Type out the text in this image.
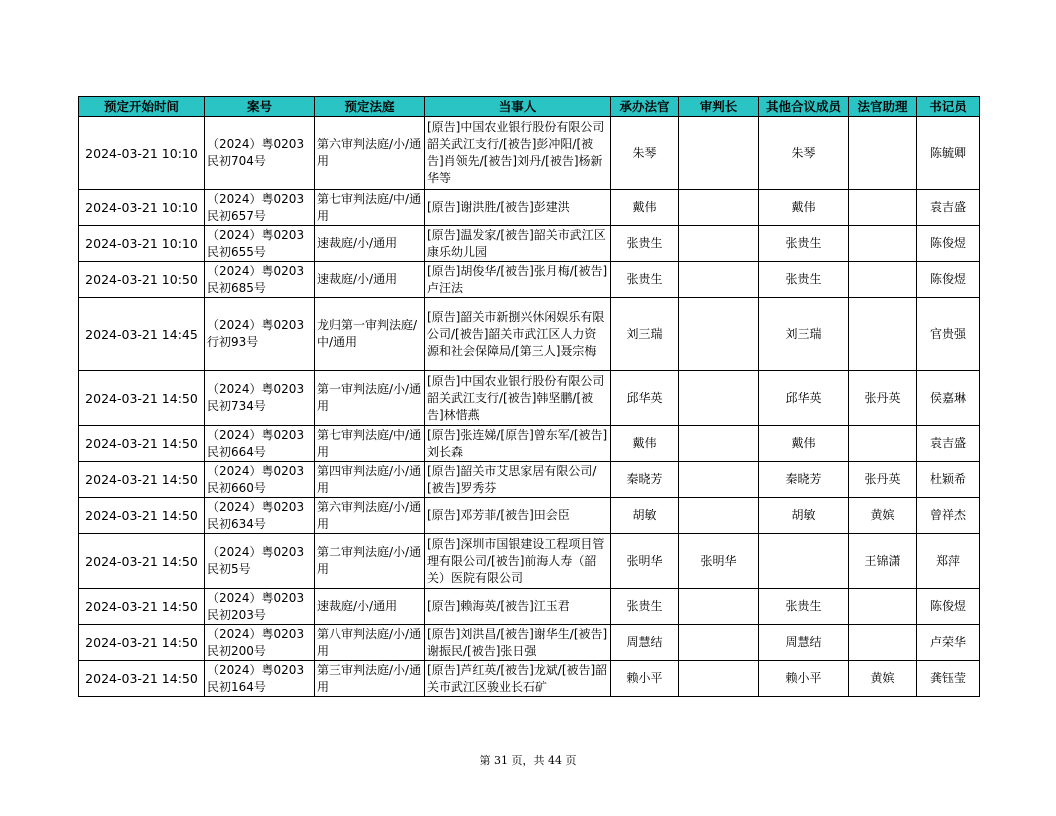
预定开始时间	案号	预定法庭	当事人	承办法官	审判长	其他合议成员	法官助理	书记员
2024-03-21 10:10	（2024）粤0203民初704号	第六审判法庭/小/通用	[原告]中国农业银行股份有限公司韶关武江支行/[被告]彭冲阳/[被告]肖领先/[被告]刘丹/[被告]杨新华等	朱琴		朱琴		陈毓卿
2024-03-21 10:10	（2024）粤0203民初657号	第七审判法庭/中/通用	[原告]谢洪胜/[被告]彭建洪	戴伟		戴伟		袁吉盛
2024-03-21 10:10	（2024）粤0203民初655号	速裁庭/小/通用	[原告]温发家/[被告]韶关市武江区康乐幼儿园	张贵生		张贵生		陈俊煜
2024-03-21 10:50	（2024）粤0203民初685号	速裁庭/小/通用	[原告]胡俊华/[被告]张月梅/[被告]卢汪法	张贵生		张贵生		陈俊煜
2024-03-21 14:45	（2024）粤0203行初93号	龙归第一审判法庭/中/通用	[原告]韶关市新捌兴休闲娱乐有限公司/[被告]韶关市武江区人力资源和社会保障局/[第三人]聂宗梅	刘三瑞		刘三瑞		官贵强
2024-03-21 14:50	（2024）粤0203民初734号	第一审判法庭/小/通用	[原告]中国农业银行股份有限公司韶关武江支行/[被告]韩坚鹏/[被告]林惜燕	邱华英		邱华英	张丹英	侯嘉琳
2024-03-21 14:50	（2024）粤0203民初664号	第七审判法庭/中/通用	[原告]张连娣/[原告]曾东军/[被告]刘长森	戴伟		戴伟		袁吉盛
2024-03-21 14:50	（2024）粤0203民初660号	第四审判法庭/小/通用	[原告]韶关市艾思家居有限公司/[被告]罗秀芬	秦晓芳		秦晓芳	张丹英	杜颖希
2024-03-21 14:50	（2024）粤0203民初634号	第六审判法庭/小/通用	[原告]邓芳菲/[被告]田会臣	胡敏		胡敏	黄嫔	曾祥杰
2024-03-21 14:50	（2024）粤0203民初5号	第二审判法庭/小/通用	[原告]深圳市国银建设工程项目管理有限公司/[被告]前海人寿（韶关）医院有限公司	张明华	张明华		王锦潇	郑萍
2024-03-21 14:50	（2024）粤0203民初203号	速裁庭/小/通用	[原告]赖海英/[被告]江玉君	张贵生		张贵生		陈俊煜
2024-03-21 14:50	（2024）粤0203民初200号	第八审判法庭/小/通用	[原告]刘洪昌/[被告]谢华生/[被告]谢振民/[被告]张日强	周慧结		周慧结		卢荣华
2024-03-21 14:50	（2024）粤0203民初164号	第三审判法庭/小/通用	[原告]芦红英/[被告]龙斌/[被告]韶关市武江区骏业长石矿	赖小平		赖小平	黄嫔	龚钰莹
第 31 页，共 44 页
